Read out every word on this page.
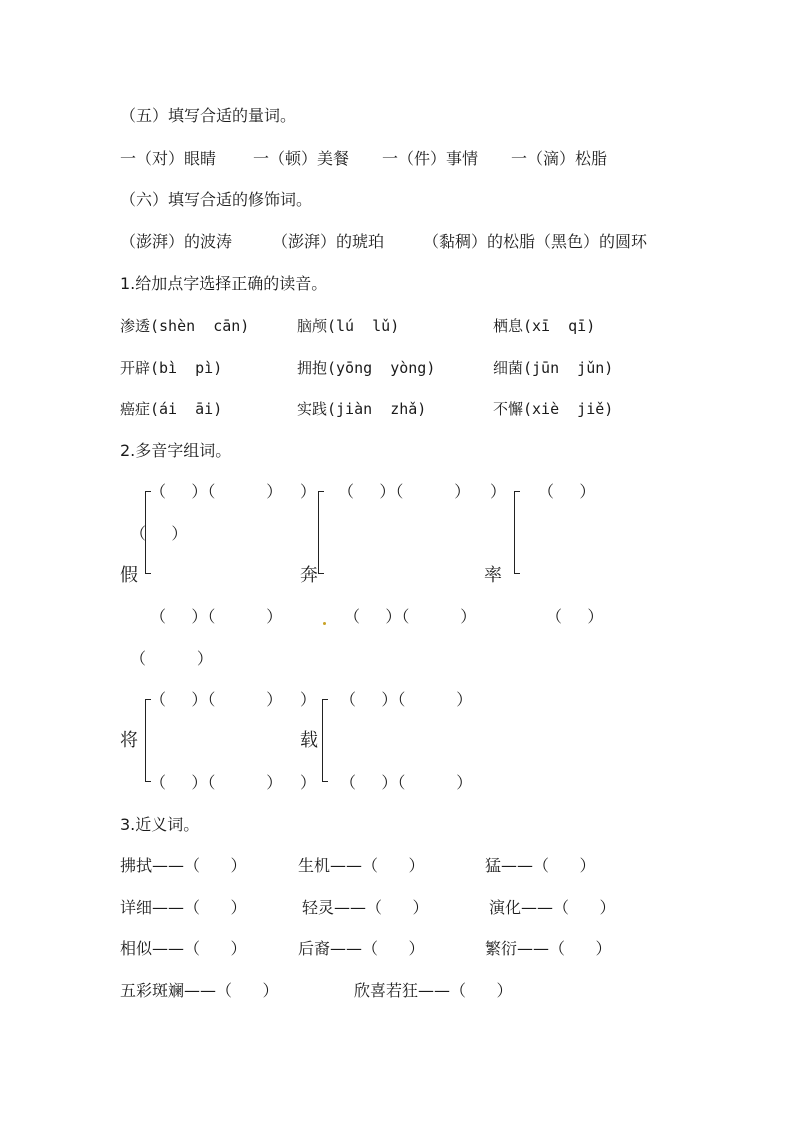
（五）填写合适的量词。
一（对）眼睛 一（顿）美餐 一（件）事情 一（滴）松脂
（六）填写合适的修饰词。
（澎湃）的波涛 （澎湃）的琥珀 （黏稠）的松脂（黑色）的圆环
1.给加点字选择正确的读音。
渗透(shèn  cān)	脑颅(lú  lǔ)	栖息(xī  qī)
开辟(bì  pì)	拥抱(yōng  yòng)	细菌(jūn  jǔn)
癌症(ái  āi)	实践(jiàn  zhǎ)	不懈(xiè  jiě)
2.多音字组词。
（     ）（          ）
（     ）
假
） （     ）（          ）
奔
） （     ）
率
（     ）（          ）	（     ）（          ）	（     ）
（          ）
（     ）（          ）
将
（     ）（          ）
） （     ）（          ）
载
） （     ）（          ）
3.近义词。
拂拭——（      ）	生机——（      ）	猛——（      ）
详细——（      ）	轻灵——（      ）	演化——（      ）
相似——（      ）	后裔——（      ）	繁衍——（      ）
五彩斑斓——（      ）	欣喜若狂——（      ）
